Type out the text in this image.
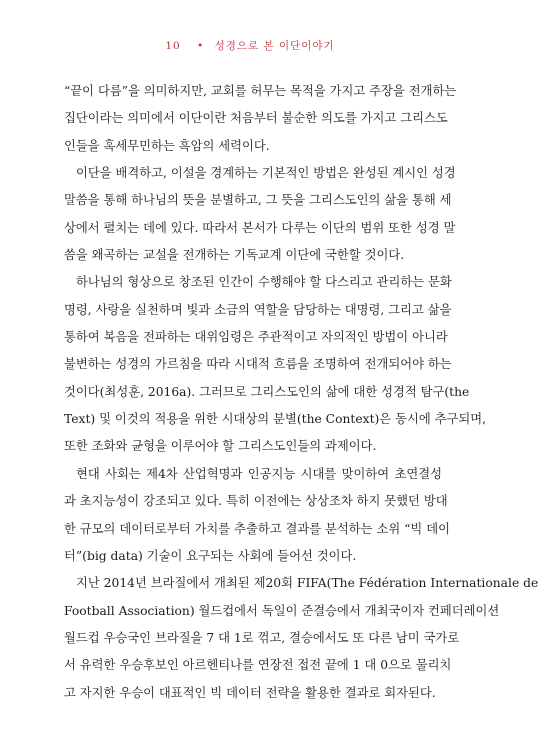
10 • 성경으로 본 이단이야기
“끝이 다름”을 의미하지만, 교회를 허무는 목적을 가지고 주장을 전개하는
집단이라는 의미에서 이단이란 처음부터 불순한 의도를 가지고 그리스도
인들을 혹세무민하는 흑암의 세력이다.
이단을 배격하고, 이설을 경계하는 기본적인 방법은 완성된 계시인 성경
말씀을 통해 하나님의 뜻을 분별하고, 그 뜻을 그리스도인의 삶을 통해 세
상에서 펼치는 데에 있다. 따라서 본서가 다루는 이단의 범위 또한 성경 말
씀을 왜곡하는 교설을 전개하는 기독교계 이단에 국한할 것이다.
하나님의 형상으로 창조된 인간이 수행해야 할 다스리고 관리하는 문화
명령, 사랑을 실천하며 빛과 소금의 역할을 담당하는 대명령, 그리고 삶을
통하여 복음을 전파하는 대위임령은 주관적이고 자의적인 방법이 아니라
불변하는 성경의 가르침을 따라 시대적 흐름을 조명하여 전개되어야 하는
것이다(최성훈, 2016a). 그러므로 그리스도인의 삶에 대한 성경적 탐구(the
Text) 및 이것의 적용을 위한 시대상의 분별(the Context)은 동시에 추구되며,
또한 조화와 균형을 이루어야 할 그리스도인들의 과제이다.
현대 사회는 제4차 산업혁명과 인공지능 시대를 맞이하여 초연결성
과 초지능성이 강조되고 있다. 특히 이전에는 상상조차 하지 못했던 방대
한 규모의 데이터로부터 가치를 추출하고 결과를 분석하는 소위 “빅 데이
터”(big data) 기술이 요구되는 사회에 들어선 것이다.
지난 2014년 브라질에서 개최된 제20회 FIFA(The Fédération Internationale de
Football Association) 월드컵에서 독일이 준결승에서 개최국이자 컨페더레이션
월드컵 우승국인 브라질을 7 대 1로 꺾고, 결승에서도 또 다른 남미 국가로
서 유력한 우승후보인 아르헨티나를 연장전 접전 끝에 1 대 0으로 물리치
고 자지한 우승이 대표적인 빅 데이터 전략을 활용한 결과로 회자된다.
